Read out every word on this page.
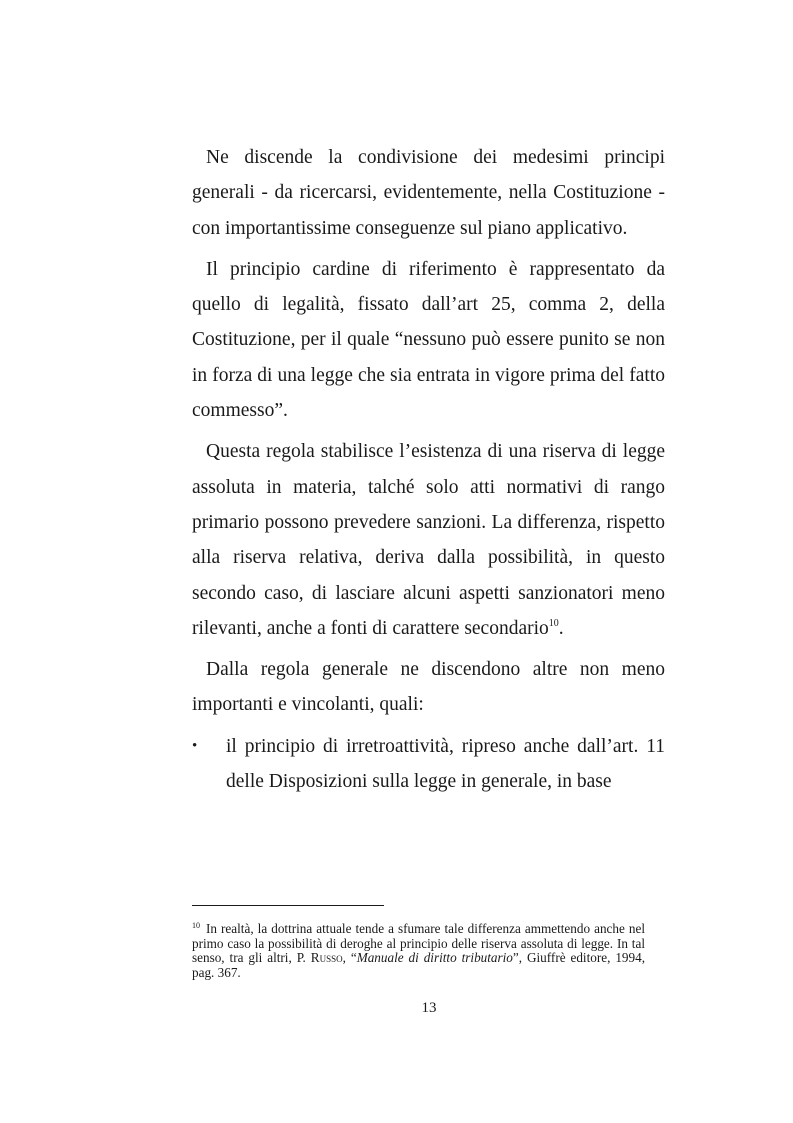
Ne discende la condivisione dei medesimi principi generali - da ricercarsi, evidentemente, nella Costituzione - con importantissime conseguenze sul piano applicativo.

Il principio cardine di riferimento è rappresentato da quello di legalità, fissato dall’art 25, comma 2, della Costituzione, per il quale “nessuno può essere punito se non in forza di una legge che sia entrata in vigore prima del fatto commesso”.

Questa regola stabilisce l’esistenza di una riserva di legge assoluta in materia, talché solo atti normativi di rango primario possono prevedere sanzioni. La differenza, rispetto alla riserva relativa, deriva dalla possibilità, in questo secondo caso, di lasciare alcuni aspetti sanzionatori meno rilevanti, anche a fonti di carattere secondario$^{10}$.

Dalla regola generale ne discendono altre non meno importanti e vincolanti, quali:

• il principio di irretroattività, ripreso anche dall’art. 11 delle Disposizioni sulla legge in generale, in base

$^{10}$ In realtà, la dottrina attuale tende a sfumare tale differenza ammettendo anche nel primo caso la possibilità di deroghe al principio delle riserva assoluta di legge. In tal senso, tra gli altri, P. Russo, “Manuale di diritto tributario”, Giuffrè editore, 1994, pag. 367.
13
